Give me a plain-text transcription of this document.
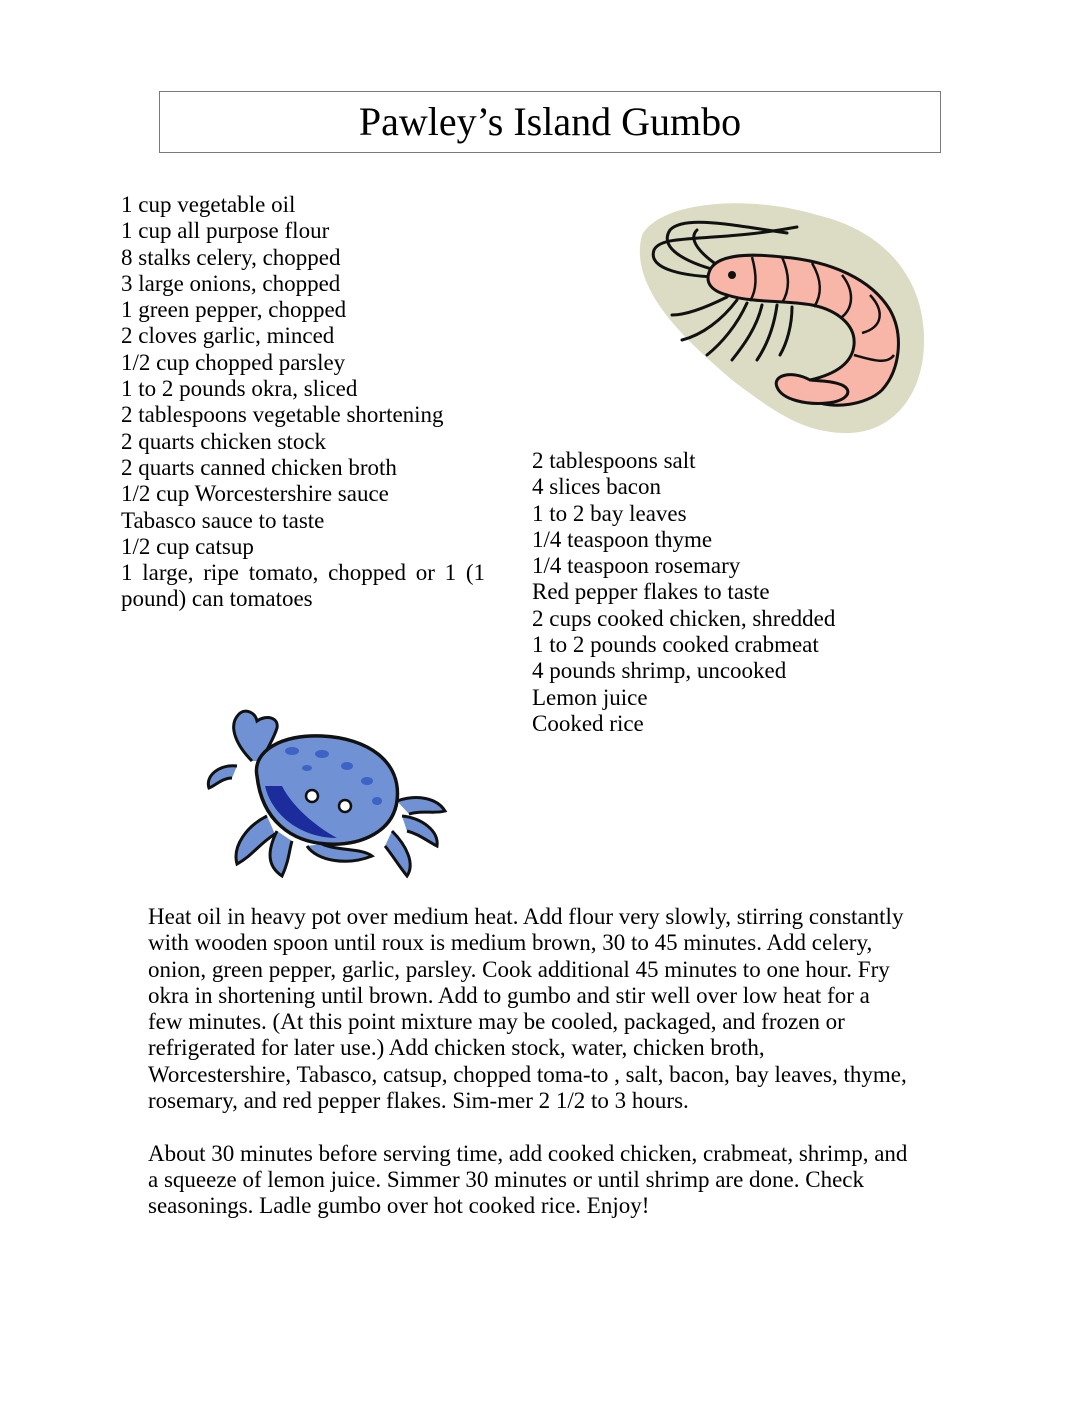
Pawley’s Island Gumbo
1 cup vegetable oil
1 cup all purpose flour
8 stalks celery, chopped
3 large onions, chopped
1 green pepper, chopped
2 cloves garlic, minced
1/2 cup chopped parsley
1 to 2 pounds okra, sliced
2 tablespoons vegetable shortening
2 quarts chicken stock
2 quarts canned chicken broth
1/2 cup Worcestershire sauce
Tabasco sauce to taste
1/2 cup catsup
1 large, ripe tomato, chopped or 1 (1 pound) can tomatoes
2 tablespoons salt
4 slices bacon
1 to 2 bay leaves
1/4 teaspoon thyme
1/4 teaspoon rosemary
Red pepper flakes to taste
2 cups cooked chicken, shredded
1 to 2 pounds cooked crabmeat
4 pounds shrimp, uncooked
Lemon juice
Cooked rice

Heat oil in heavy pot over medium heat. Add flour very slowly, stirring constantly with wooden spoon until roux is medium brown, 30 to 45 minutes. Add celery, onion, green pepper, garlic, parsley. Cook additional 45 minutes to one hour. Fry okra in shortening until brown. Add to gumbo and stir well over low heat for a few minutes. (At this point mixture may be cooled, packaged, and frozen or refrigerated for later use.) Add chicken stock, water, chicken broth, Worcestershire, Tabasco, catsup, chopped toma-to , salt, bacon, bay leaves, thyme, rosemary, and red pepper flakes. Sim-mer 2 1/2 to 3 hours.

About 30 minutes before serving time, add cooked chicken, crabmeat, shrimp, and a squeeze of lemon juice. Simmer 30 minutes or until shrimp are done. Check seasonings. Ladle gumbo over hot cooked rice. Enjoy!
